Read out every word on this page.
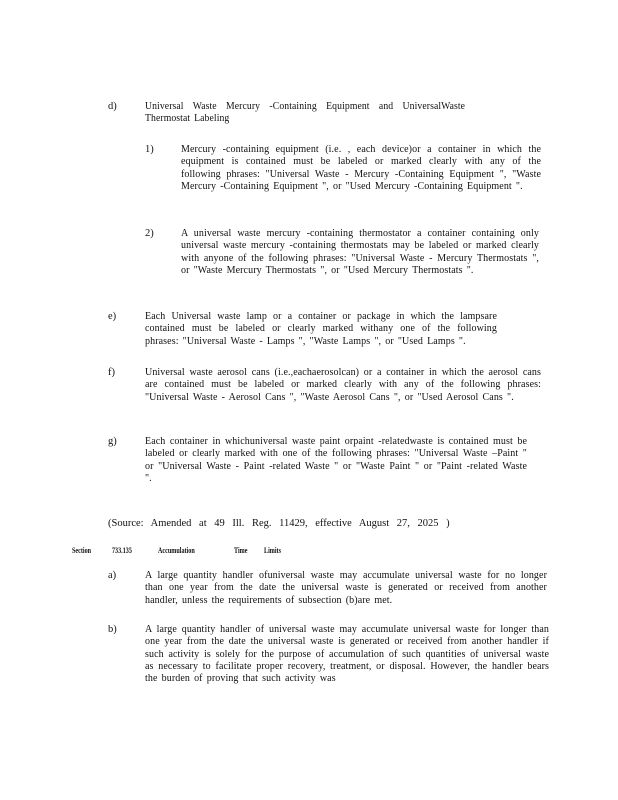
d)	Universal Waste Mercury -Containing Equipment and UniversalWaste Thermostat Labeling
1)	Mercury -containing equipment (i.e. , each device)or a container in which the equipment is contained must be labeled or marked clearly with any of the following phrases: "Universal Waste - Mercury -Containing Equipment ", "Waste Mercury -Containing Equipment ", or "Used Mercury -Containing Equipment ".
2)	A universal waste mercury -containing thermostator a container containing only universal waste mercury -containing thermostats may be labeled or marked clearly with anyone of the following phrases: "Universal Waste - Mercury Thermostats ", or "Waste Mercury Thermostats ", or "Used Mercury Thermostats ".
e)	Each Universal waste lamp or a container or package in which the lampsare contained must be labeled or clearly marked withany one of the following phrases: "Universal Waste - Lamps ", "Waste Lamps ", or "Used Lamps ".
f)	Universal waste aerosol cans (i.e.,eachaerosolcan) or a container in which the aerosol cans are contained must be labeled or marked clearly with any of the following phrases: "Universal Waste - Aerosol Cans ", "Waste Aerosol Cans ", or "Used Aerosol Cans ".
g)	Each container in whichuniversal waste paint orpaint -relatedwaste is contained must be labeled or clearly marked with one of the following phrases: "Universal Waste –Paint " or "Universal Waste - Paint -related Waste " or "Waste Paint " or "Paint -related Waste ".
(Source: Amended at 49 Ill. Reg. 11429, effective August 27, 2025 )
Section 733.135	Accumulation	Time Limits
a)	A large quantity handler ofuniversal waste may accumulate universal waste for no longer than one year from the date the universal waste is generated or received from another handler, unless the requirements of subsection (b)are met.
b)	A large quantity handler of universal waste may accumulate universal waste for longer than one year from the date the universal waste is generated or received from another handler if such activity is solely for the purpose of accumulation of such quantities of universal waste as necessary to facilitate proper recovery, treatment, or disposal. However, the handler bears the burden of proving that such activity was
